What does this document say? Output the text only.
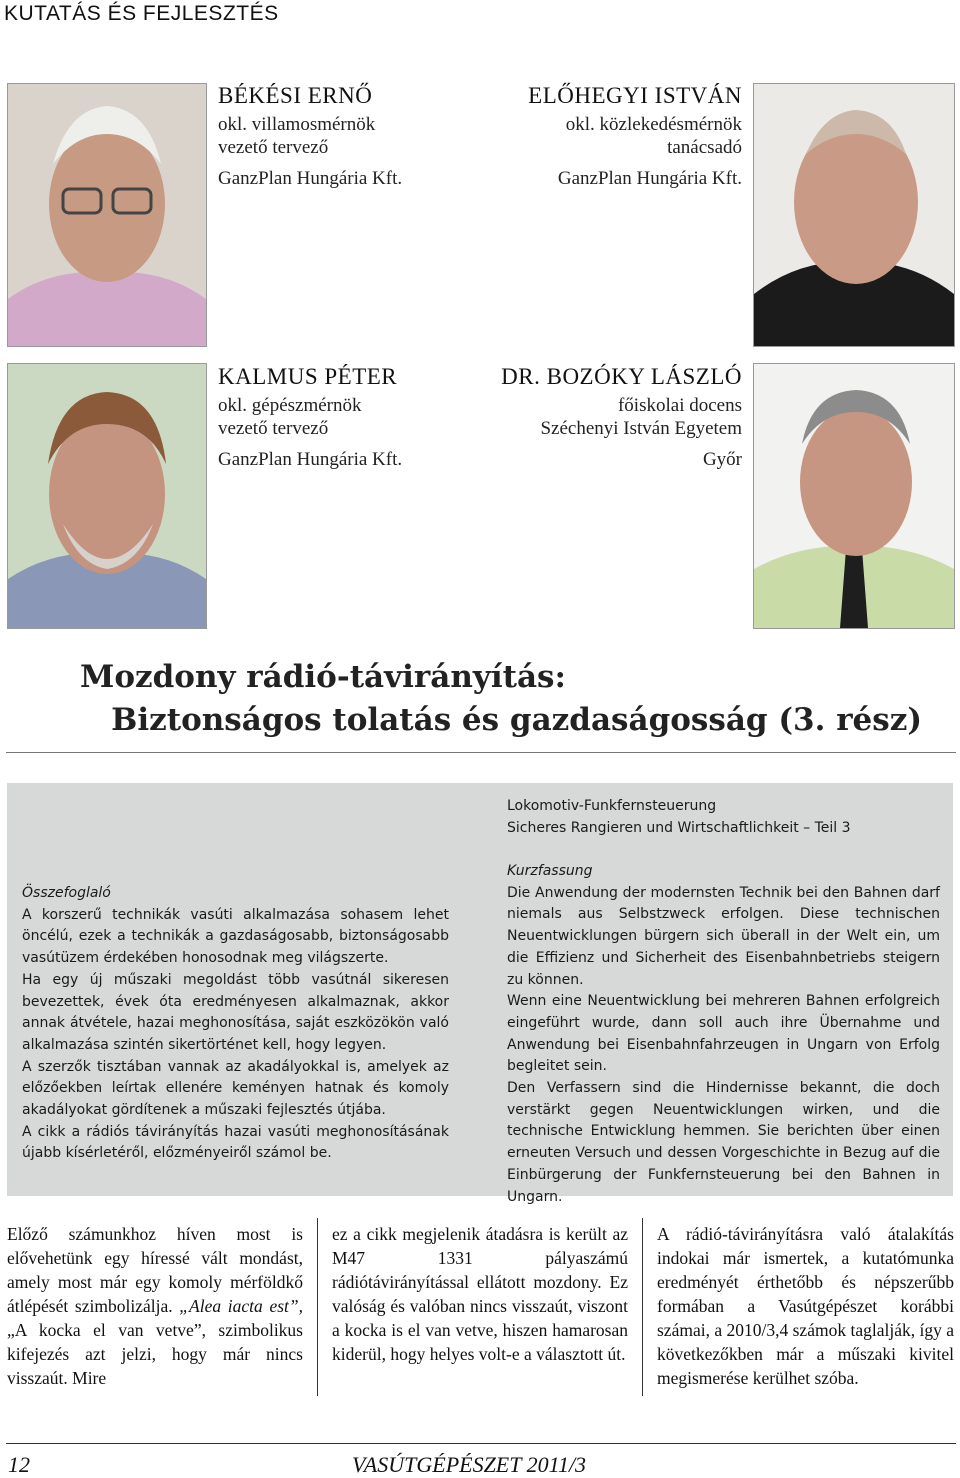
KUTATÁS ÉS FEJLESZTÉS
BÉKÉSI ERNŐ
okl. villamosmérnök
vezető tervező
GanzPlan Hungária Kft.
ELŐHEGYI ISTVÁN
okl. közlekedésmérnök
tanácsadó
GanzPlan Hungária Kft.
KALMUS PÉTER
okl. gépészmérnök
vezető tervező
GanzPlan Hungária Kft.
DR. BOZÓKY LÁSZLÓ
főiskolai docens
Széchenyi István Egyetem
Győr
Mozdony rádió-távirányítás:
Biztonságos tolatás és gazdaságosság (3. rész)

Összefoglaló

A korszerű technikák vasúti alkalmazása sohasem lehet öncélú, ezek a technikák a gazdaságosabb, biztonságosabb vasútüzem érdekében honosodnak meg világszerte.

Ha egy új műszaki megoldást több vasútnál sikeresen bevezettek, évek óta eredményesen alkalmaznak, akkor annak átvétele, hazai meghonosítása, saját eszközökön való alkalmazása szintén sikertörténet kell, hogy legyen.

A szerzők tisztában vannak az akadályokkal is, amelyek az előzőekben leírtak ellenére keményen hatnak és komoly akadályokat gördítenek a műszaki fejlesztés útjába.

A cikk a rádiós távirányítás hazai vasúti meghonosításának újabb kísérletéről, előzményeiről számol be.

Lokomotiv-Funkfernsteuerung

Sicheres Rangieren und Wirtschaftlichkeit – Teil 3

Kurzfassung

Die Anwendung der modernsten Technik bei den Bahnen darf niemals aus Selbstzweck erfolgen. Diese technischen Neuentwicklungen bürgern sich überall in der Welt ein, um die Effizienz und Sicherheit des Eisenbahnbetriebs steigern zu können.

Wenn eine Neuentwicklung bei mehreren Bahnen erfolgreich eingeführt wurde, dann soll auch ihre Übernahme und Anwendung bei Eisenbahnfahrzeugen in Ungarn von Erfolg begleitet sein.

Den Verfassern sind die Hindernisse bekannt, die doch verstärkt gegen Neuentwicklungen wirken, und die technische Entwicklung hemmen. Sie berichten über einen erneuten Versuch und dessen Vorgeschichte in Bezug auf die Einbürgerung der Funkfernsteuerung bei den Bahnen in Ungarn.

Előző számunkhoz híven most is elővehetünk egy híressé vált mondást, amely most már egy komoly mérföldkő átlépését szimbolizálja. „Alea iacta est”, „A kocka el van vetve”, szimbolikus kifejezés azt jelzi, hogy már nincs visszaút. Mire
ez a cikk megjelenik átadásra is került az M47 1331 pályaszámú rádiótávirányítással ellátott mozdony. Ez valóság és valóban nincs visszaút, viszont a kocka is el van vetve, hiszen hamarosan kiderül, hogy helyes volt-e a választott út.
A rádió-távirányításra való átalakítás indokai már ismertek, a kutatómunka eredményét érthetőbb és népszerűbb formában a Vasútgépészet korábbi számai, a 2010/3,4 számok taglalják, így a következőkben már a műszaki kivitel megismerése kerülhet szóba.
12	VASÚTGÉPÉSZET 2011/3
